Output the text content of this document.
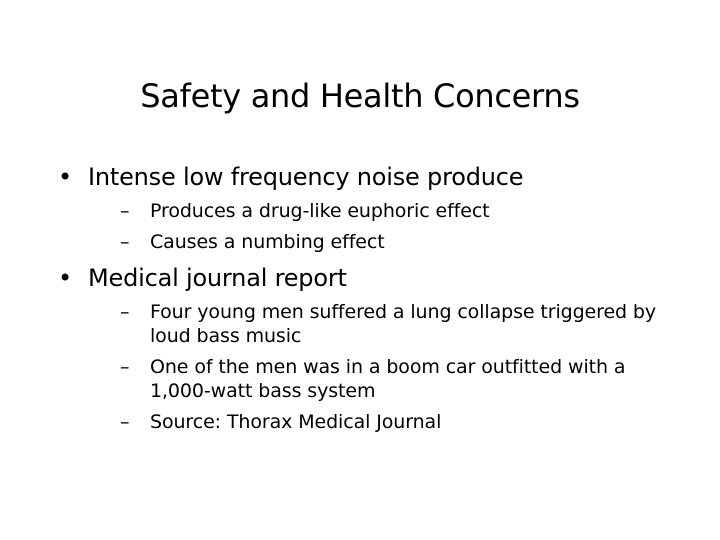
Safety and Health Concerns
• Intense low frequency noise produce
–	Produces a drug-like euphoric effect
–	Causes a numbing effect
• Medical journal report
–	Four young men suffered a lung collapse triggered by loud bass music
–	One of the men was in a boom car outfitted with a 1,000-watt bass system
–	Source: Thorax Medical Journal
